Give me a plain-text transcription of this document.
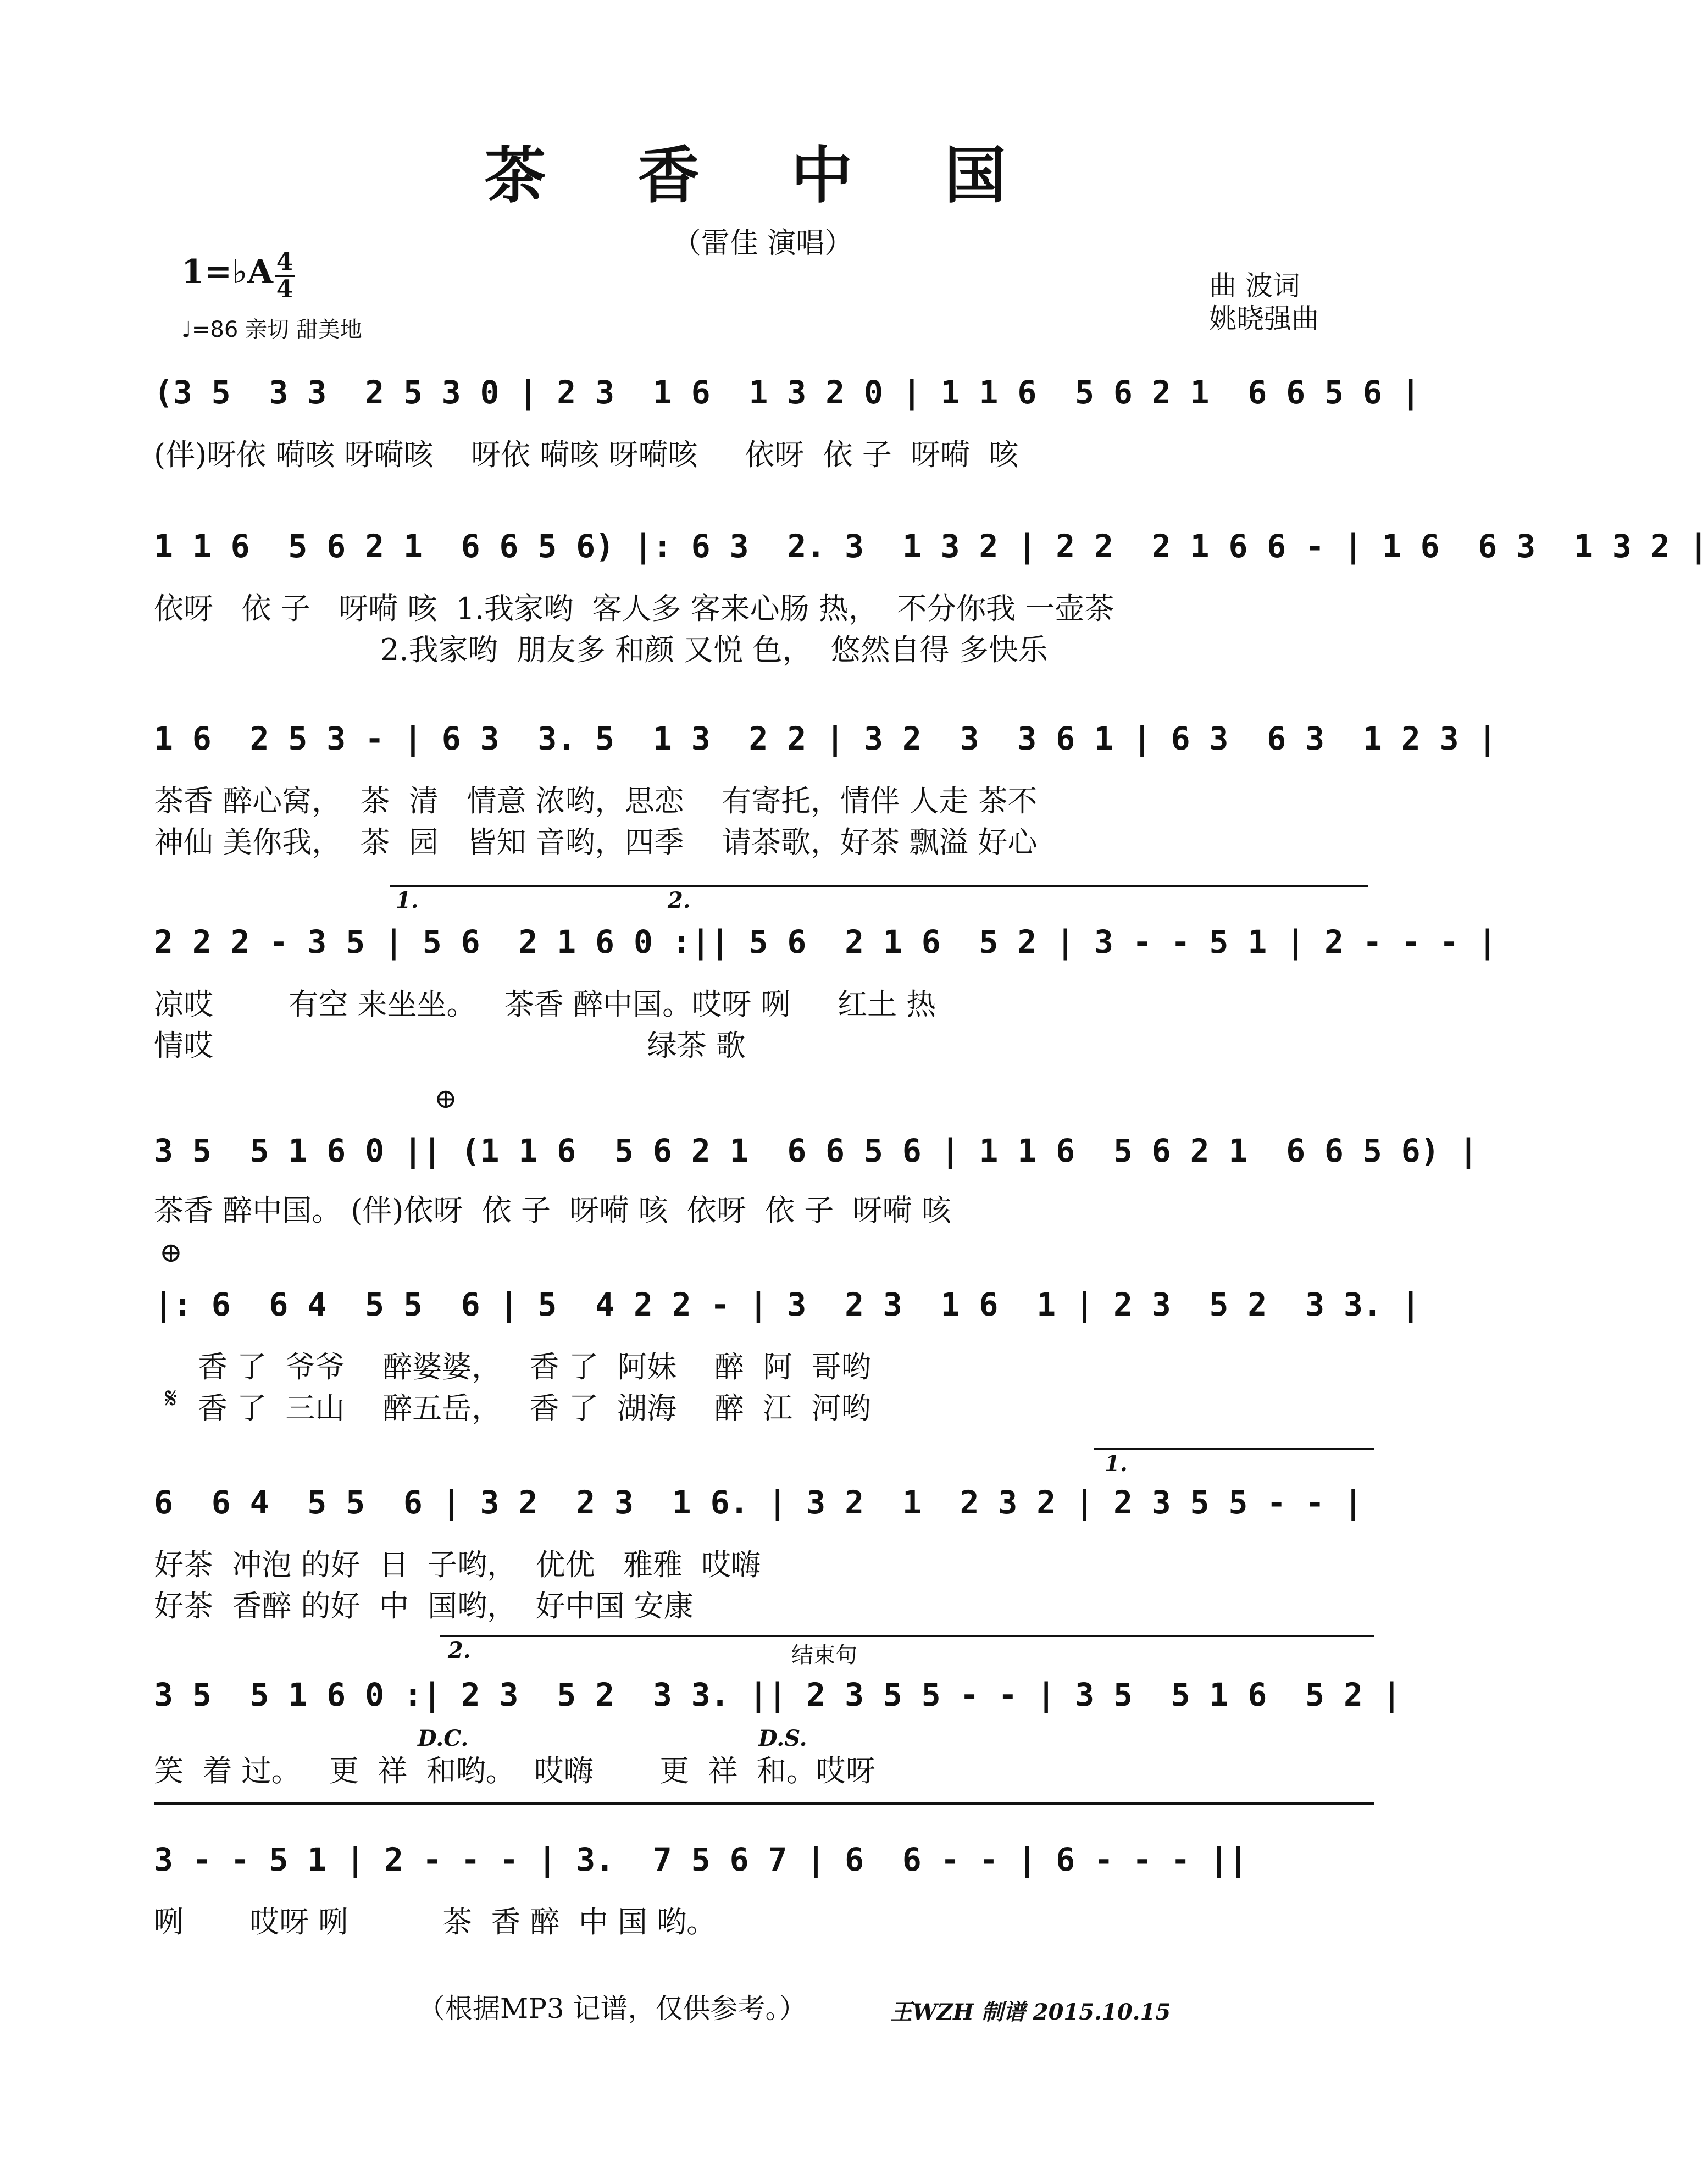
茶 香 中 国
（雷佳 演唱）
1=♭A 4
4
♩=86 亲切 甜美地
曲 波词
姚晓强曲
(3 5  3 3  2 5 3 0 | 2 3  1 6  1 3 2 0 | 1 1 6  5 6 2 1  6 6 5 6 |
(伴)呀依 嗬咳 呀嗬咳    呀依 嗬咳 呀嗬咳     依呀  依 子  呀嗬  咳
1 1 6  5 6 2 1  6 6 5 6) |: 6 3  2. 3  1 3 2 | 2 2  2 1 6 6 - | 1 6  6 3  1 3 2 |
依呀   依 子   呀嗬 咳  1.我家哟  客人多 客来心肠 热，  不分你我 一壶茶
2.我家哟  朋友多 和颜 又悦 色，  悠然自得 多快乐
1 6  2 5 3 - | 6 3  3. 5  1 3  2 2 | 3 2  3  3 6 1 | 6 3  6 3  1 2 3 |
茶香 醉心窝，  茶  清   情意 浓哟，思恋    有寄托，情伴 人走 茶不
神仙 美你我，  茶  园   皆知 音哟，四季    请茶歌，好茶 飘溢 好心
1.	2.
2 2 2 - 3 5 | 5 6  2 1 6 0 :|| 5 6  2 1 6  5 2 | 3 - - 5 1 | 2 - - - |
凉哎        有空 来坐坐。   茶香 醉中国。哎呀 咧     红土 热
情哎                                              绿茶 歌
⊕
3 5  5 1 6 0 || (1 1 6  5 6 2 1  6 6 5 6 | 1 1 6  5 6 2 1  6 6 5 6) |
茶香 醉中国。 (伴)依呀  依 子  呀嗬 咳  依呀  依 子  呀嗬 咳
⊕
|: 6  6 4  5 5  6 | 5  4 2 2 - | 3  2 3  1 6  1 | 2 3  5 2  3 3. |
香 了  爷爷    醉婆婆，   香 了  阿妹    醉  阿  哥哟
𝄋 香 了  三山    醉五岳，   香 了  湖海    醉  江  河哟
1.
6  6 4  5 5  6 | 3 2  2 3  1 6. | 3 2  1  2 3 2 | 2 3 5 5 - - |
好茶  冲泡 的好  日  子哟，  优优   雅雅  哎嗨
好茶  香醉 的好  中  国哟，  好中国 安康
2.	结束句
3 5  5 1 6 0 :| 2 3  5 2  3 3. || 2 3 5 5 - - | 3 5  5 1 6  5 2 |
D.C.	D.S.
笑  着 过。   更  祥  和哟。  哎嗨       更  祥  和。哎呀
3 - - 5 1 | 2 - - - | 3.  7 5 6 7 | 6  6 - - | 6 - - - ||
咧       哎呀 咧          茶  香 醉  中 国 哟。
（根据MP3 记谱，仅供参考。）	王WZH 制谱 2015.10.15
